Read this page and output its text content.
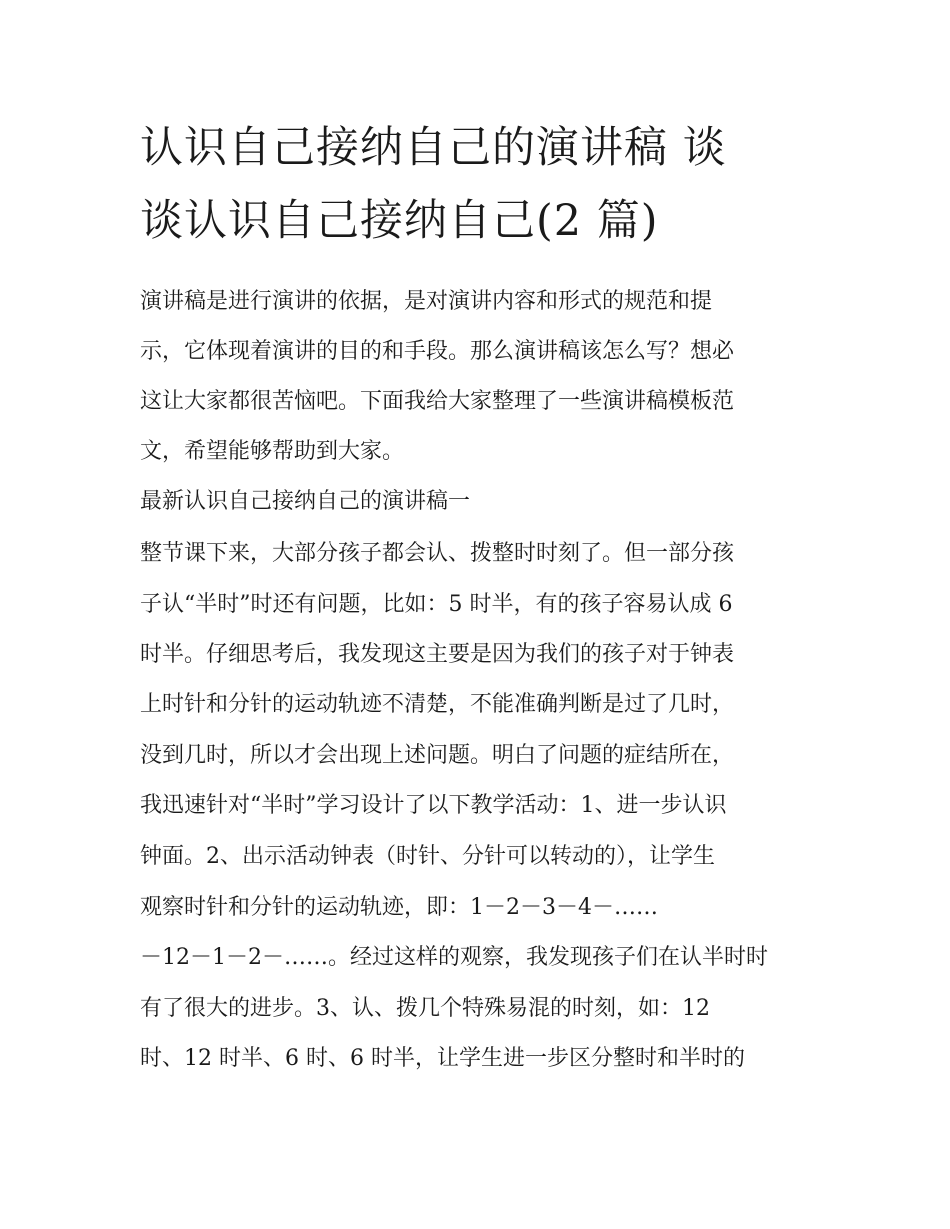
认识自己接纳自己的演讲稿 谈
谈认识自己接纳自己(2 篇)

演讲稿是进行演讲的依据，是对演讲内容和形式的规范和提

示，它体现着演讲的目的和手段。那么演讲稿该怎么写？想必

这让大家都很苦恼吧。下面我给大家整理了一些演讲稿模板范

文，希望能够帮助到大家。

最新认识自己接纳自己的演讲稿一

整节课下来，大部分孩子都会认、拨整时时刻了。但一部分孩

子认“半时”时还有问题，比如：5 时半，有的孩子容易认成 6

时半。仔细思考后，我发现这主要是因为我们的孩子对于钟表

上时针和分针的运动轨迹不清楚，不能准确判断是过了几时，

没到几时，所以才会出现上述问题。明白了问题的症结所在，

我迅速针对“半时”学习设计了以下教学活动：1、进一步认识

钟面。2、出示活动钟表（时针、分针可以转动的），让学生

观察时针和分针的运动轨迹，即：1－2－3－4－……

－12－1－2－……。经过这样的观察，我发现孩子们在认半时时

有了很大的进步。3、认、拨几个特殊易混的时刻，如：12

时、12 时半、6 时、6 时半，让学生进一步区分整时和半时的
